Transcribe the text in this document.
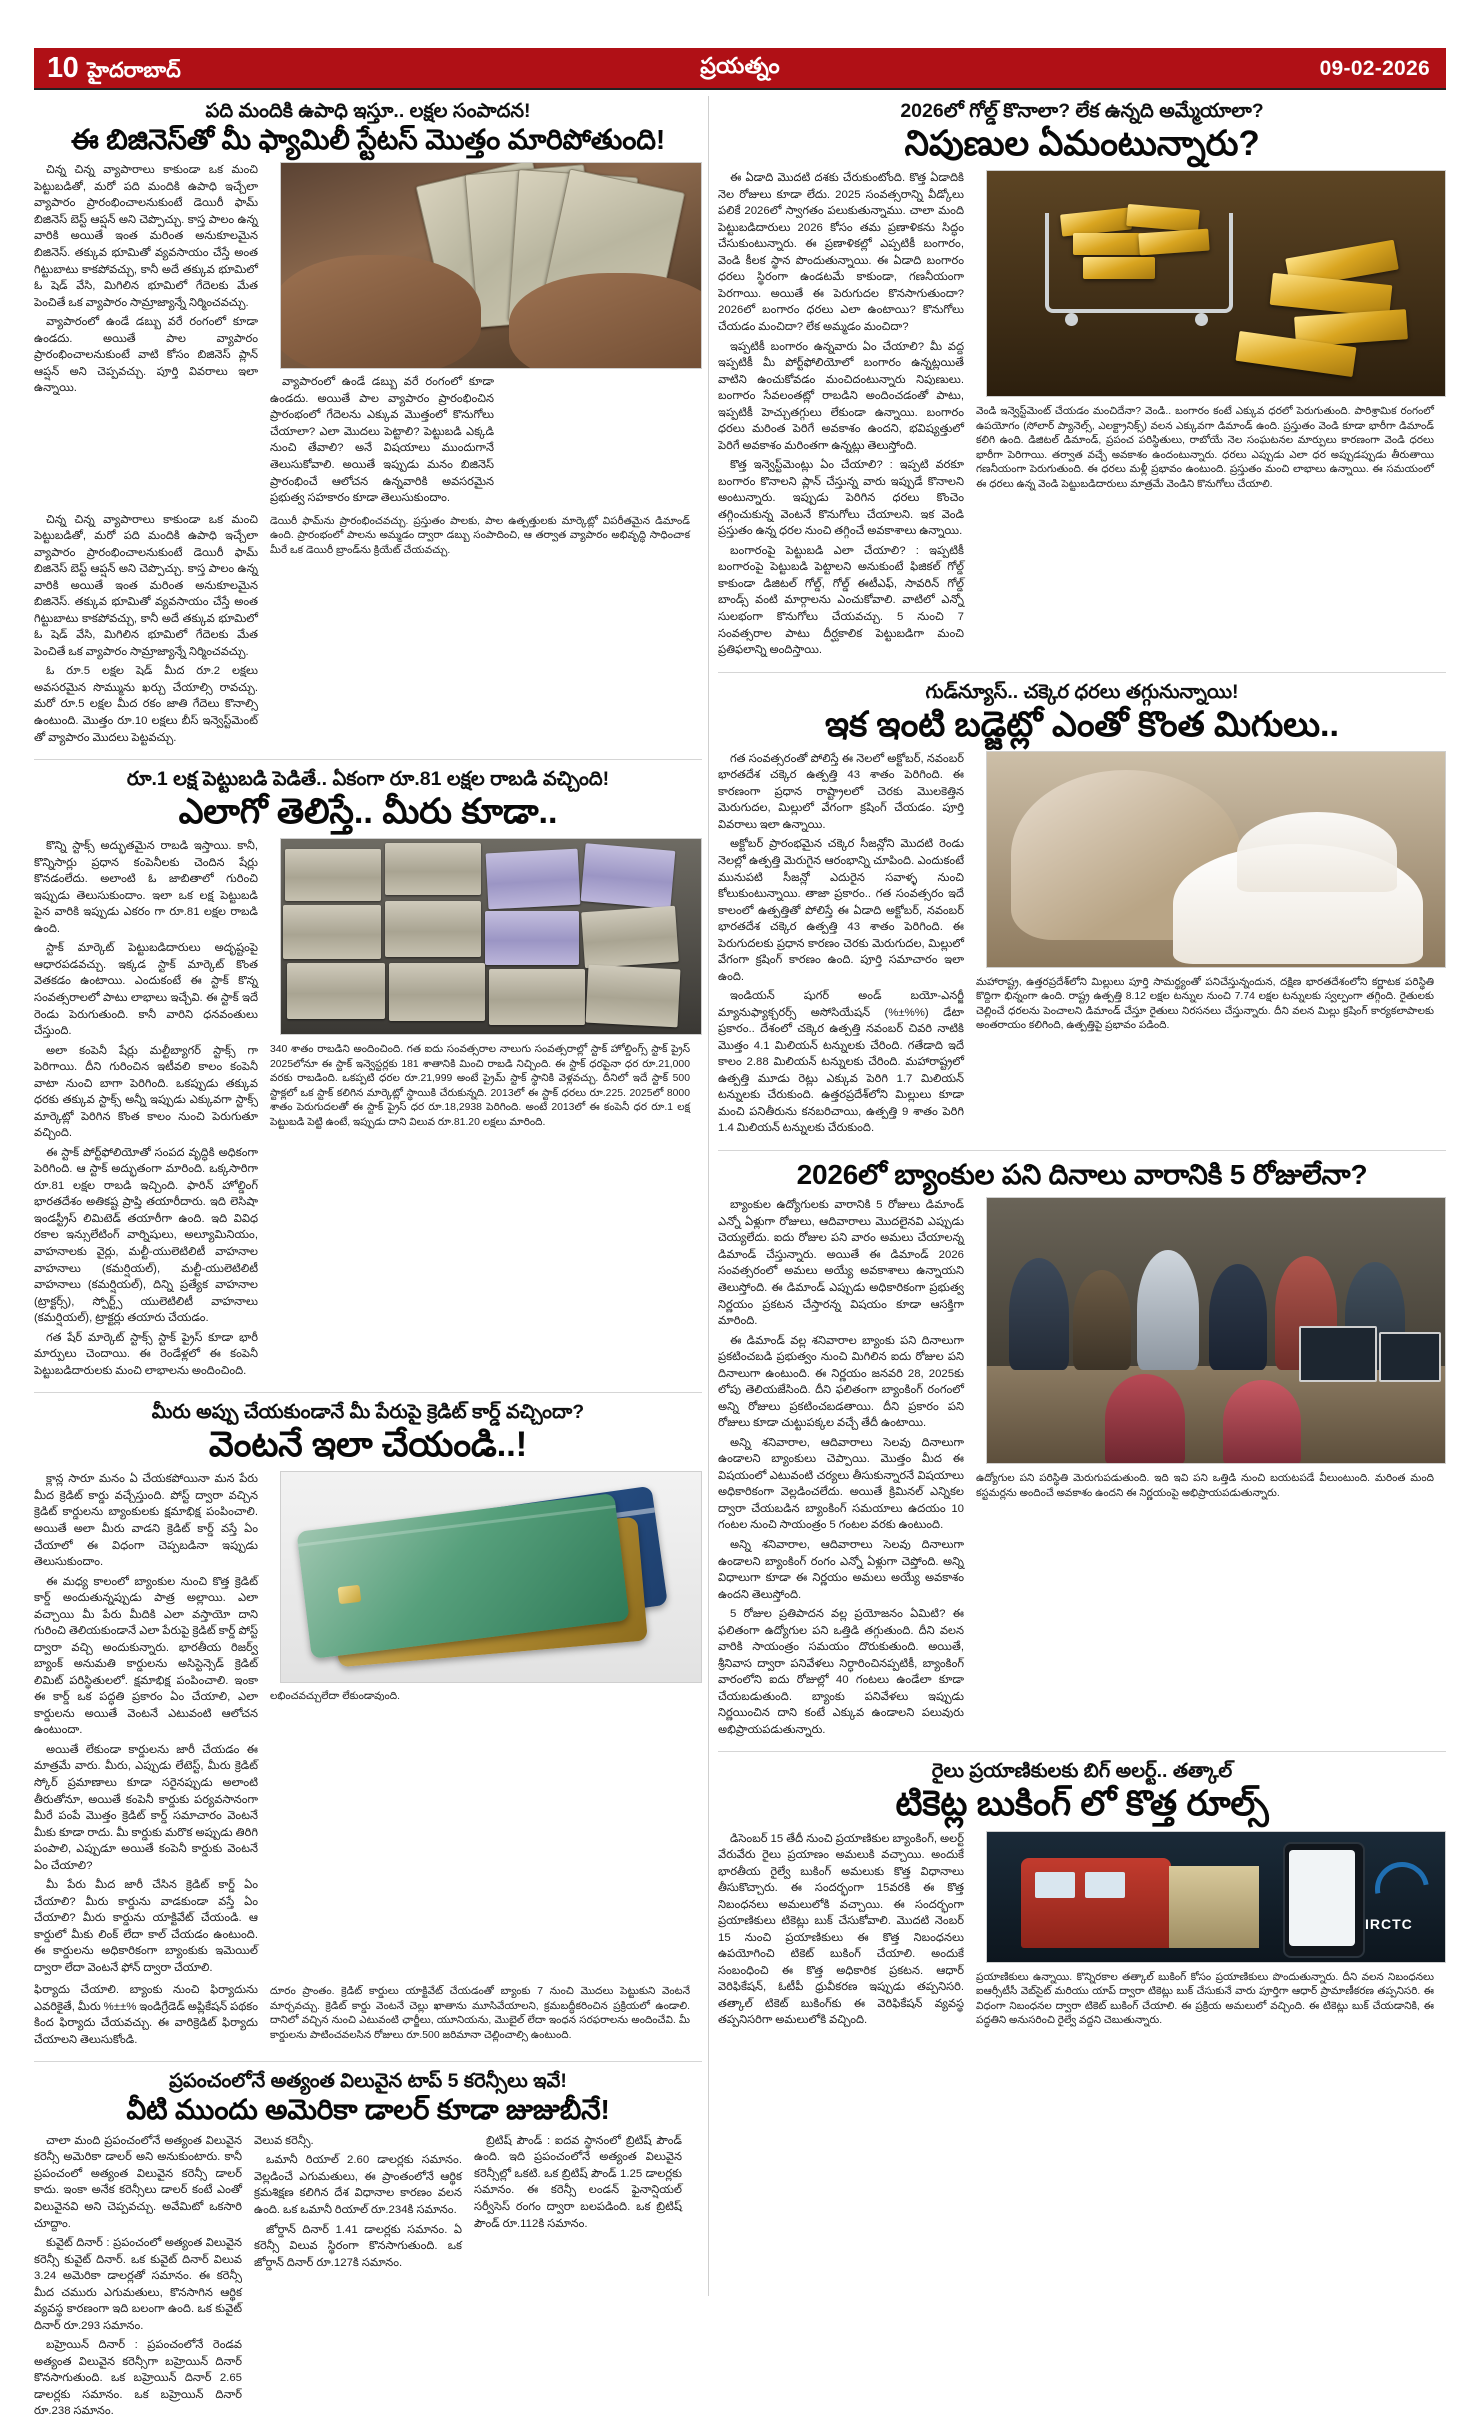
10 హైదరాబాద్	ప్రయత్నం	09-02-2026
పది మందికి ఉపాధి ఇస్తూ.. లక్షల సంపాదన!
ఈ బిజినెస్‌తో మీ ఫ్యామిలీ స్టేటస్ మొత్తం మారిపోతుంది!

చిన్న చిన్న వ్యాపారాలు కాకుండా ఒక మంచి పెట్టుబడితో, మరో పది మందికి ఉపాధి ఇచ్చేలా వ్యాపారం ప్రారంభించాలనుకుంటే డెయిరీ ఫామ్ బిజినెస్ బెస్ట్ ఆప్షన్ అని చెప్పొచ్చు. కాస్త పాలం ఉన్న వారికి అయితే ఇంత మరింత అనుకూలమైన బిజినెస్. తక్కువ భూమితో వ్యవసాయం చేస్తే అంత గిట్టుబాటు కాకపోవచ్చు, కానీ అదే తక్కువ భూమిలో ఓ షెడ్ వేసి, మిగిలిన భూమిలో గేదెలకు మేత పెంచితే ఒక వ్యాపారం సామ్రాజ్యాన్నే నిర్మించవచ్చు.

వ్యాపారంలో ఉండే డబ్బు వరే రంగంలో కూడా ఉండదు. అయితే పాల వ్యాపారం ప్రారంభించాలనుకుంటే వాటి కోసం బిజినెస్ ప్లాన్ ఆప్షన్ అని చెప్పవచ్చు. పూర్తి వివరాలు ఇలా ఉన్నాయి.	వ్యాపారంలో ఉండే డబ్బు వరే రంగంలో కూడా ఉండదు. అయితే పాల వ్యాపారం ప్రారంభించిన ప్రారంభంలో గేదెలను ఎక్కువ మొత్తంలో కొనుగోలు చేయాలా? ఎలా మొదలు పెట్టాలి? పెట్టుబడి ఎక్కడి నుంచి తేవాలి? అనే విషయాలు ముందుగానే తెలుసుకోవాలి. అయితే ఇప్పుడు మనం బిజినెస్ ప్రారంభించే ఆలోచన ఉన్నవారికి అవసరమైన ప్రభుత్వ సహకారం కూడా తెలుసుకుందాం.

చిన్న చిన్న వ్యాపారాలు కాకుండా ఒక మంచి పెట్టుబడితో, మరో పది మందికి ఉపాధి ఇచ్చేలా వ్యాపారం ప్రారంభించాలనుకుంటే డెయిరీ ఫామ్ బిజినెస్ బెస్ట్ ఆప్షన్ అని చెప్పొచ్చు. కాస్త పాలం ఉన్న వారికి అయితే ఇంత మరింత అనుకూలమైన బిజినెస్. తక్కువ భూమితో వ్యవసాయం చేస్తే అంత గిట్టుబాటు కాకపోవచ్చు, కానీ అదే తక్కువ భూమిలో ఓ షెడ్ వేసి, మిగిలిన భూమిలో గేదెలకు మేత పెంచితే ఒక వ్యాపారం సామ్రాజ్యాన్నే నిర్మించవచ్చు.

ఓ రూ.5 లక్షల షెడ్ మీద రూ.2 లక్షలు అవసరమైన సొమ్మును ఖర్చు చేయాల్సి రావచ్చు. మరో రూ.5 లక్షల మీద రకం జాతి గేదెలు కొనాల్సి ఉంటుంది. మొత్తం రూ.10 లక్షలు బీస్ ఇన్వెస్ట్‌మెంట్ తో వ్యాపారం మొదలు పెట్టవచ్చు.

డెయిరీ ఫామ్‌ను ప్రారంభించవచ్చు. ప్రస్తుతం పాలకు, పాల ఉత్పత్తులకు మార్కెట్లో విపరీతమైన డిమాండ్ ఉంది. ప్రారంభంలో పాలను అమ్మడం ద్వారా డబ్బు సంపాదించి, ఆ తర్వాత వ్యాపారం అభివృద్ధి సాధించాక మీరే ఒక డెయిరీ బ్రాండ్‌ను క్రియేట్ చేయవచ్చు.
రూ.1 లక్ష పెట్టుబడి పెడితే.. ఏకంగా రూ.81 లక్షల రాబడి వచ్చింది!
ఎలాగో తెలిస్తే.. మీరు కూడా..

కొన్ని స్టాక్స్ అద్భుతమైన రాబడి ఇస్తాయి. కానీ, కొన్నిసార్లు ప్రధాన కంపెనీలకు చెందిన షేర్లు కొనడంలేదు. అలాంటి ఓ జాబితాలో గురించి ఇప్పుడు తెలుసుకుందాం. ఇలా ఒక లక్ష పెట్టుబడి పైన వారికి ఇప్పుడు ఎకరం గా రూ.81 లక్షల రాబడి ఉంది.

స్టాక్ మార్కెట్ పెట్టుబడిదారులు అదృష్టంపై ఆధారపడవచ్చు. ఇక్కడ స్టాక్ మార్కెట్ కొంత వెతకడం ఉంటాయి. ఎందుకంటే ఈ స్టాక్ కొన్న సంవత్సరాలలో పాటు లాభాలు ఇచ్చేవి. ఈ స్టాక్ ఇదే రెండు పెరుగుతుంది. కానీ వారిని ధనవంతులు చేస్తుంది.

అలా కంపెనీ షేర్లు మల్టీబ్యాగర్ స్టాక్స్ గా పెరిగాయి. దీని గురించిన ఇటీవలి కాలం కంపెనీ వాటా నుంచి బాగా పెరిగింది. ఒకప్పుడు తక్కువ ధరకు తక్కువ స్టాక్స్ అన్నీ ఇప్పుడు ఎక్కువగా స్టాక్స్ మార్కెట్లో పెరిగిన కొంత కాలం నుంచి పెరుగుతూ వచ్చింది.

ఈ స్టాక్ పోర్ట్‌ఫోలియోతో సంపద వృద్ధికి అధికంగా పెరిగింది. ఆ స్టాక్ అద్భుతంగా మారింది. ఒక్కసారిగా రూ.81 లక్షల రాబడి ఇచ్చింది. ఫారిన్ హోల్డింగ్ భారతదేశం అతికష్ట ప్రాప్తి తయారీదారు. ఇది లెసిషా ఇండస్ట్రీస్ లిమిటెడ్ తయారీగా ఉంది. ఇది వివిధ రకాల ఇన్సులేటింగ్ వార్నిషులు, అల్యూమినియం, వాహనాలకు వైర్లు, మల్టీ-యులెటిలిటీ వాహనాల వాహనాలు (కమర్షియల్), మల్టీ-యులెటిలిటీ వాహనాలు (కమర్షియల్), దిన్ని ప్రత్యేక వాహనాల (ట్రాక్టర్స్), స్పోర్ట్స్ యులెటిలిటీ వాహనాలు (కమర్షియల్), ట్రాక్టర్లు తయారు చేయడం.

గత షేర్ మార్కెట్ స్టాక్స్ స్టాక్ ప్రైస్ కూడా భారీ మార్పులు చెందాయి. ఈ రెండేళ్లలో ఈ కంపెనీ పెట్టుబడిదారులకు మంచి లాభాలను అందించింది.

340 శాతం రాబడిని అందించింది. గత ఐదు సంవత్సరాల నాలుగు సంవత్సరాల్లో స్టాక్ హోల్డింగ్స్ స్టాక్ ప్రైస్ 2025లోనూ ఈ స్టాక్ ఇన్వెస్టర్లకు 181 శాతానికి మించి రాబడి నిచ్చింది. ఈ స్టాక్ ధరపైనా ధర రూ.21,000 వరకు రాబడింది. ఒకప్పటి ధరల రూ.21,999 అంటే ప్రైమ్ స్టాక్ స్థానికి వెళ్లవచ్చు. దీనిలో ఇదే స్టాక్ 500 స్టాక్లలో ఒక స్టాక్ కలిగిన మార్కెట్లో స్థాయికి చేరుకున్నది. 2013లో ఈ స్టాక్ ధరలు రూ.225. 2025లో 8000 శాతం పెరుగుదలతో ఈ స్టాక్ ప్రైస్ ధర రూ.18,2938 పెరిగింది. అంటే 2013లో ఈ కంపెనీ ధర రూ.1 లక్ష పెట్టుబడి పెట్టి ఉంటే, ఇప్పుడు దాని విలువ రూ.81.20 లక్షలు మారింది.
మీరు అప్పు చేయకుండానే మీ పేరుపై క్రెడిట్ కార్డ్ వచ్చిందా?
వెంటనే ఇలా చేయండి..!

క్లాన్ల సారూ మనం ఏ చేయకపోయినా మన పేరు మీద క్రెడిట్ కార్డు వచ్చేస్తుంది. పోస్ట్ ద్వారా వచ్చిన క్రెడిట్ కార్డులను బ్యాంకులకు క్షమాభిక్ష పంపించాలి. అయితే అలా మీరు వాడని క్రెడిట్ కార్డ్ వస్తే ఏం చేయాలో ఈ విధంగా చెప్పబడినా ఇప్పుడు తెలుసుకుందాం.

ఈ మధ్య కాలంలో బ్యాంకుల నుంచి కొత్త క్రెడిట్ కార్డ్ అందుతున్నప్పుడు పాత్ర అల్లాయి. ఎలా వచ్చాయి మీ పేరు మీదికి ఎలా వస్తాయో దాని గురించి తెలియకుండానే ఎలా పేరుపై క్రెడిట్ కార్డ్ పోస్ట్ ద్వారా వచ్చి అందుకున్నారు. భారతీయ రిజర్వ్ బ్యాంక్ అనుమతి కార్డులను అసిస్టెన్సెడ్ క్రెడిట్ లిమిట్ పరిస్థితులలో. క్షమాభిక్ష పంపించాలి. ఇంకా ఈ కార్డ్ ఒక పద్ధతి ప్రకారం ఏం చేయాలి, ఎలా కార్డులను అయితే వెంటనే ఎటువంటి ఆలోచన ఉంటుందా.

అయితే లేకుండా కార్డులను జారీ చేయడం ఈ మాత్రమే వారు. మీరు, ఎప్పుడు లేటెస్ట్, మీరు క్రెడిట్ స్కోర్ ప్రమాణాలు కూడా సరైనప్పుడు అలాంటి తీరుతోనూ, అయితే కంపెనీ కార్డుకు పర్యవసానంగా మీరే పంపే మొత్తం క్రెడిట్ కార్డ్ సమాచారం వెంటనే మీకు కూడా రాదు. మీ కార్డుకు మరొక అప్పుడు తిరిగి పంపాలి, ఎప్పుడూ అయితే కంపెనీ కార్డుకు వెంటనే ఏం చేయాలి?

మీ పేరు మీద జారీ చేసిన క్రెడిట్ కార్డ్ ఏం చేయాలి? మీరు కార్డును వాడకుండా వస్తే ఏం చేయాలి? మీరు కార్డును యాక్టివేట్ చేయండి. ఆ కార్డులో మీకు లింక్ లేదా కాల్ చేయడం ఉంటుంది. ఈ కార్డులను అధికారికంగా బ్యాంకుకు ఇమెయిల్ ద్వారా లేదా వెంటనే ఫోన్ ద్వారా చేయాలి.

లభించవచ్చులేదా లేకుండావుంది.

ఫిర్యాదు చేయాలి. బ్యాంకు నుంచి ఫిర్యాదును ఎవరికైతే, మీరు %±±% ఇండిగ్రేడెడ్ అప్లికేషన్ పథకం కింద ఫిర్యాదు చేయవచ్చు. ఈ వారిక్రెడిట్ ఫిర్యాదు చేయాలని తెలుసుకోండి.

దూరం ప్రాంతం. క్రెడిట్ కార్డులు యాక్టివేట్ చేయడంతో బ్యాంకు 7 నుంచి మొదలు పెట్టుకుని వెంటనే మార్చవచ్చు. క్రెడిట్ కార్డు వెంటనే చెల్లు ఖాతాను మూసివేయాలని, క్రమబద్ధీకరించిన ప్రక్రియలో ఉండాలి. దానిలో వచ్చిన నుంచి ఎటువంటి ఛార్జీలు, యూనియను, మొబైల్ లేదా ఇంధన సరఫరాలను అందించేవి. మీ కార్డులను పాటించవలసిన రోజులు రూ.500 జరిమానా చెల్లించాల్సి ఉంటుంది.
ప్రపంచంలోనే అత్యంత విలువైన టాప్ 5 కరెన్సీలు ఇవే!
వీటి ముందు అమెరికా డాలర్ కూడా జుజుబీనే!

చాలా మంది ప్రపంచంలోనే అత్యంత విలువైన కరెన్సీ అమెరికా డాలర్ అని అనుకుంటారు. కానీ ప్రపంచంలో అత్యంత విలువైన కరెన్సీ డాలర్ కాదు. ఇంకా అనేక కరెన్సీలు డాలర్ కంటే ఎంతో విలువైనవి అని చెప్పవచ్చు. అవేమిటో ఒకసారి చూద్దాం.

కువైట్ దినార్ : ప్రపంచంలో అత్యంత విలువైన కరెన్సీ కువైట్ దినార్. ఒక కువైట్ దినార్ విలువ 3.24 అమెరికా డాలర్లతో సమానం. ఈ కరెన్సీ మీద చమురు ఎగుమతులు, కొనసాగిన ఆర్థిక వ్యవస్థ కారణంగా ఇది బలంగా ఉంది. ఒక కువైట్ దినార్ రూ.293 సమానం.

బహ్రెయిన్ దినార్ : ప్రపంచంలోనే రెండవ అత్యంత విలువైన కరెన్సీగా బహ్రెయిన్ దినార్ కొనసాగుతుంది. ఒక బహ్రెయిన్ దినార్ 2.65 డాలర్లకు సమానం. ఒక బహ్రెయిన్ దినార్ రూ.238 సమానం.

వెలువ కరెన్సీ.

ఒమానీ రియాల్ 2.60 డాలర్లకు సమానం. వెల్లడించే ఎగుమతులు, ఈ ప్రాంతంలోనే ఆర్థిక క్రమశిక్షణ కలిగిన దేశ విధానాల కారణం వలన ఉంది. ఒక ఒమానీ రియాల్ రూ.234కి సమానం.

జోర్డాన్ దినార్ 1.41 డాలర్లకు సమానం. ఏ కరెన్సీ విలువ స్థిరంగా కొనసాగుతుంది. ఒక జోర్డాన్ దినార్ రూ.127కి సమానం.

బ్రిటిష్ పౌండ్ : ఐదవ స్థానంలో బ్రిటిష్ పౌండ్ ఉంది. ఇది ప్రపంచంలోనే అత్యంత విలువైన కరెన్సీల్లో ఒకటి. ఒక బ్రిటిష్ పౌండ్ 1.25 డాలర్లకు సమానం. ఈ కరెన్సీ లండన్ ఫైనాన్షియల్ సర్వీసెస్ రంగం ద్వారా బలపడింది. ఒక బ్రిటిష్ పౌండ్ రూ.112కి సమానం.

2026లో గోల్డ్ కొనాలా? లేక ఉన్నది అమ్మేయాలా?
నిపుణుల ఏమంటున్నారు?

ఈ ఏడాది మొదటి దశకు చేరుకుంటోంది. కొత్త ఏడాదికి నెల రోజులు కూడా లేదు. 2025 సంవత్సరాన్ని వీడ్కోలు పలికే 2026లో స్వాగతం పలుకుతున్నాము. చాలా మంది పెట్టుబడిదారులు 2026 కోసం తమ ప్రణాళికను సిద్ధం చేసుకుంటున్నారు. ఈ ప్రణాళికల్లో ఎప్పటికీ బంగారం, వెండి కీలక స్థాన పొందుతున్నాయి. ఈ ఏడాది బంగారం ధరలు స్థిరంగా ఉండటమే కాకుండా, గణనీయంగా పెరగాయి. అయితే ఈ పెరుగుదల కొనసాగుతుందా? 2026లో బంగారం ధరలు ఎలా ఉంటాయి? కొనుగోలు చేయడం మంచిదా? లేక అమ్మడం మంచిదా?

ఇప్పటికీ బంగారం ఉన్నవారు ఏం చేయాలి? మీ వద్ద ఇప్పటికీ మీ పోర్ట్‌ఫోలియోలో బంగారం ఉన్నట్లయితే వాటిని ఉంచుకోవడం మంచిదంటున్నారు నిపుణులు. బంగారం సేవలంతట్లో రాబడిని అందించడంతో పాటు, ఇప్పటికీ హెచ్చుతగ్గులు లేకుండా ఉన్నాయి. బంగారం ధరలు మరింత పెరిగే అవకాశం ఉందని, భవిష్యత్తులో పెరిగే అవకాశం మరింతగా ఉన్నట్లు తెలుస్తోంది.

కొత్త ఇన్వెస్ట్‌మెంట్లు ఏం చేయాలి? : ఇప్పటి వరకూ బంగారం కొనాలని ప్లాన్ చేస్తున్న వారు ఇప్పుడే కొనాలని అంటున్నారు. ఇప్పుడు పెరిగిన ధరలు కొంచెం తగ్గించుకున్న వెంటనే కొనుగోలు చేయాలని. ఇక వెండి ప్రస్తుతం ఉన్న ధరల నుంచి తగ్గించే అవకాశాలు ఉన్నాయి.

బంగారంపై పెట్టుబడి ఎలా చేయాలి? : ఇప్పటికీ బంగారంపై పెట్టుబడి పెట్టాలని అనుకుంటే ఫిజికల్ గోల్డ్ కాకుండా డిజిటల్ గోల్డ్, గోల్డ్ ఈటీఎఫ్, సావరిన్ గోల్డ్ బాండ్స్ వంటి మార్గాలను ఎంచుకోవాలి. వాటిలో ఎన్నో సులభంగా కొనుగోలు చేయవచ్చు. 5 నుంచి 7 సంవత్సరాల పాటు దీర్ఘకాలిక పెట్టుబడిగా మంచి ప్రతిఫలాన్ని అందిస్తాయి.

వెండి ఇన్వెస్ట్‌మెంట్ చేయడం మంచిదేనా? వెండి.. బంగారం కంటే ఎక్కువ ధరలో పెరుగుతుంది. పారిశ్రామిక రంగంలో ఉపయోగం (సోలార్ ప్యానెల్స్, ఎలక్ట్రానిక్స్) వలన ఎక్కువగా డిమాండ్ ఉంది. ప్రస్తుతం వెండి కూడా భారీగా డిమాండ్ కలిగి ఉంది. డిజిటల్ డిమాండ్, ప్రపంచ పరిస్థితులు, రాబోయే నెల సంఘటనల మార్పులు కారణంగా వెండి ధరలు భారీగా పెరిగాయి. తర్వాత వచ్చే అవకాశం ఉందంటున్నారు. ధరలు ఎప్పుడు ఎలా ధర అప్పుడప్పుడు తీరుతాయి గణనీయంగా పెరుగుతుంది. ఈ ధరలు మళ్లీ ప్రభావం ఉంటుంది. ప్రస్తుతం మంచి లాభాలు ఉన్నాయి. ఈ సమయంలో ఈ ధరలు ఉన్న వెండి పెట్టుబడిదారులు మాత్రమే వెండిని కొనుగోలు చేయాలి.
గుడ్‌న్యూస్.. చక్కెర ధరలు తగ్గునున్నాయి!
ఇక ఇంటి బడ్జెట్లో ఎంతో కొంత మిగులు..

గత సంవత్సరంతో పోలిస్తే ఈ నెలలో అక్టోబర్, నవంబర్ భారతదేశ చక్కెర ఉత్పత్తి 43 శాతం పెరిగింది. ఈ కారణంగా ప్రధాన రాష్ట్రాలలో చెరకు మొలకెత్తిన మెరుగుదల, మిల్లులో వేగంగా క్రషింగ్ చేయడం. పూర్తి వివరాలు ఇలా ఉన్నాయి.

అక్టోబర్ ప్రారంభమైన చక్కెర సీజన్లోని మొదటి రెండు నెలల్లో ఉత్పత్తి మెరుగైన ఆరంభాన్ని చూపింది. ఎందుకంటే మునుపటి సీజన్లో ఎదురైన సవాళ్ళ నుంచి కోలుకుంటున్నాయి. తాజా ప్రకారం.. గత సంవత్సరం ఇదే కాలంలో ఉత్పత్తితో పోలిస్తే ఈ ఏడాది అక్టోబర్, నవంబర్ భారతదేశ చక్కెర ఉత్పత్తి 43 శాతం పెరిగింది. ఈ పెరుగుదలకు ప్రధాన కారణం చెరకు మెరుగుదల, మిల్లులో వేగంగా క్రషింగ్ కారణం ఉంది. పూర్తి సమాచారం ఇలా ఉంది.

ఇండియన్ షుగర్ అండ్ బయో-ఎనర్జీ మ్యానుఫ్యాక్చరర్స్ అసోసియేషన్ (%±%%) డేటా ప్రకారం.. దేశంలో చక్కెర ఉత్పత్తి నవంబర్ చివరి నాటికి మొత్తం 4.1 మిలియన్ టన్నులకు చేరింది. గతేడాది ఇదే కాలం 2.88 మిలియన్ టన్నులకు చేరింది. మహారాష్ట్రలో ఉత్పత్తి మూడు రెట్లు ఎక్కువ పెరిగి 1.7 మిలియన్ టన్నులకు చేరుకుంది. ఉత్తరప్రదేశ్‌లోని మిల్లులు కూడా మంచి పనితీరును కనబరిచాయి, ఉత్పత్తి 9 శాతం పెరిగి 1.4 మిలియన్ టన్నులకు చేరుకుంది.

మహారాష్ట్ర, ఉత్తరప్రదేశ్‌లోని మిల్లులు పూర్తి సామర్థ్యంతో పనిచేస్తున్నందున, దక్షిణ భారతదేశంలోని కర్ణాటక పరిస్థితి కొద్దిగా భిన్నంగా ఉంది. రాష్ట్ర ఉత్పత్తి 8.12 లక్షల టన్నుల నుంచి 7.74 లక్షల టన్నులకు స్వల్పంగా తగ్గింది. రైతులకు చెల్లించే ధరలను పెంచాలని డిమాండ్ చేస్తూ రైతులు నిరసనలు చేస్తున్నారు. దీని వలన మిల్లు క్రషింగ్ కార్యకలాపాలకు అంతరాయం కలిగింది, ఉత్పత్తిపై ప్రభావం పడింది.
2026లో బ్యాంకుల పని దినాలు వారానికి 5 రోజులేనా?

బ్యాంకుల ఉద్యోగులకు వారానికి 5 రోజులు డిమాండ్ ఎన్నో ఏళ్లుగా రోజులు, ఆదివారాలు మొదలైనవి ఎప్పుడు చెయ్యలేదు. ఐదు రోజుల పని వారం అమలు చేయాలన్న డిమాండ్ చేస్తున్నారు. అయితే ఈ డిమాండ్ 2026 సంవత్సరంలో అమలు అయ్యే అవకాశాలు ఉన్నాయని తెలుస్తోంది. ఈ డిమాండ్ ఎప్పుడు అధికారికంగా ప్రభుత్వ నిర్ణయం ప్రకటన చేస్తారన్న విషయం కూడా ఆసక్తిగా మారింది.

ఈ డిమాండ్ వల్ల శనివారాల బ్యాంకు పని దినాలుగా ప్రకటించబడి ప్రభుత్వం నుంచి మిగిలిన ఐదు రోజుల పని దినాలుగా ఉంటుంది. ఈ నిర్ణయం జనవరి 28, 2025కు లోపు తెలియజేసింది. దీని ఫలితంగా బ్యాంకింగ్ రంగంలో అన్ని రోజులు ప్రకటించబడతాయి. దీని ప్రకారం పని రోజులు కూడా చుట్టుపక్కల వచ్చే తేదీ ఉంటాయి.

అన్ని శనివారాల, ఆదివారాలు సెలవు దినాలుగా ఉండాలని బ్యాంకులు చెప్పాయి. మొత్తం మీద ఈ విషయంలో ఎటువంటి చర్యలు తీసుకున్నారనే విషయాలు అధికారికంగా వెల్లడించలేదు. అయితే క్రిమినల్ ఎన్నికల ద్వారా చేయబడిన బ్యాంకింగ్ సమయాలు ఉదయం 10 గంటల నుంచి సాయంత్రం 5 గంటల వరకు ఉంటుంది.

అన్ని శనివారాల, ఆదివారాలు సెలవు దినాలుగా ఉండాలని బ్యాంకింగ్ రంగం ఎన్నో ఏళ్లుగా చెప్తోంది. అన్ని విధాలుగా కూడా ఈ నిర్ణయం అమలు అయ్యే అవకాశం ఉందని తెలుస్తోంది.

5 రోజుల ప్రతిపాదన వల్ల ప్రయోజనం ఏమిటి? ఈ ఫలితంగా ఉద్యోగుల పని ఒత్తిడి తగ్గుతుంది. దీని వలన వారికి సాయంత్రం సమయం దొరుకుతుంది. అయితే, శ్రీనివాస ద్వారా పనివేళలు నిర్ధారించినప్పటికీ, బ్యాంకింగ్ వారంలోని ఐదు రోజుల్లో 40 గంటలు ఉండేలా కూడా చేయబడుతుంది. బ్యాంకు పనివేళలు ఇప్పుడు నిర్ణయించిన దాని కంటే ఎక్కువ ఉండాలని పలువురు అభిప్రాయపడుతున్నారు.

ఉద్యోగుల పని పరిస్థితి మెరుగుపడుతుంది. ఇది ఇవి పని ఒత్తిడి నుంచి బయటపడే వీలుంటుంది. మరింత మంది కస్టమర్లను అందించే అవకాశం ఉందని ఈ నిర్ణయంపై అభిప్రాయపడుతున్నారు.
రైలు ప్రయాణికులకు బిగ్ అలర్ట్.. తత్కాల్
టికెట్ల బుకింగ్ లో కొత్త రూల్స్

డిసెంబర్ 15 తేదీ నుంచి ప్రయాణికుల బ్యాంకింగ్, అలర్ట్ వేరువేరు రైలు ప్రయాణం అమలుకి వచ్చాయి. అందుకే భారతీయ రైల్వే బుకింగ్ అమలుకు కొత్త విధానాలు తీసుకొచ్చారు. ఈ సందర్భంగా 15వరకి ఈ కొత్త నిబంధనలు అమలులోకి వచ్చాయి. ఈ సందర్భంగా ప్రయాణికులు టికెట్లు బుక్ చేసుకోవాలి. మొదటి నెంబర్ 15 నుంచి ప్రయాణికులు ఈ కొత్త నిబంధనలు ఉపయోగించి టికెట్ బుకింగ్ చేయాలి. అందుకే సంబంధించి ఈ కొత్త అధికారిక ప్రకటన. ఆధార్ వెరిఫికేషన్, ఓటీపీ ధ్రువీకరణ ఇప్పుడు తప్పనిసరి. తత్కాల్ టికెట్ బుకింగ్‌కు ఈ వెరిఫికేషన్ వ్యవస్థ తప్పనిసరిగా అమలులోకి వచ్చింది.

IRCTC
ప్రయాణికులు ఉన్నాయి. కొన్నిరకాల తత్కాల్ బుకింగ్ కోసం ప్రయాణికులు పొందుతున్నారు. దీని వలన నిబంధనలు ఐఆర్సీటీసీ వెబ్‌సైట్ మరియు యాప్ ద్వారా టికెట్లు బుక్ చేసుకునే వారు పూర్తిగా ఆధార్ ప్రామాణీకరణ తప్పనిసరి. ఈ విధంగా నిబంధనల ద్వారా టికెట్ బుకింగ్ చేయాలి. ఈ ప్రక్రియ అమలులో వచ్చింది. ఈ టికెట్లు బుక్ చేయడానికి, ఈ పద్ధతిని అనుసరించి రైల్వే వద్దని చెబుతున్నారు.
